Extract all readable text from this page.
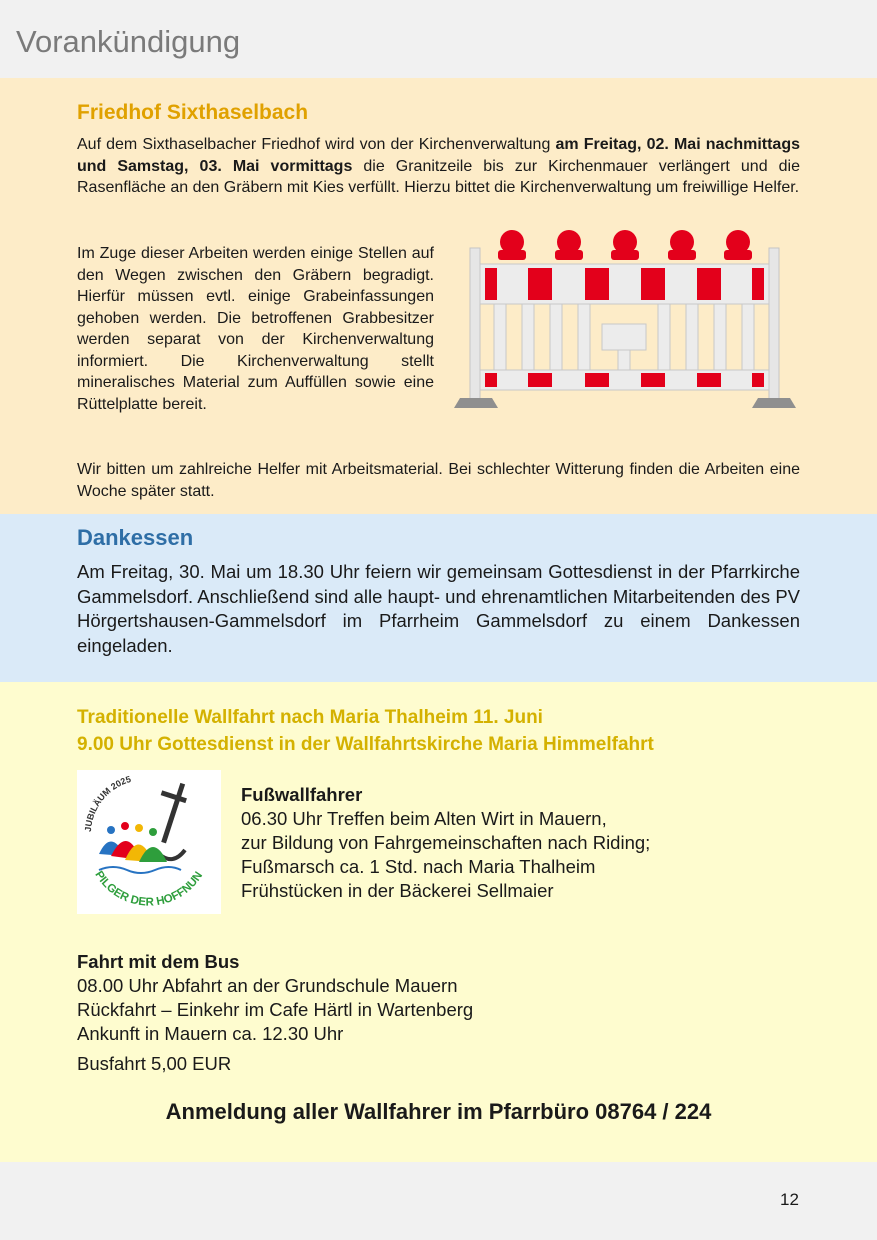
Vorankündigung
Friedhof Sixthaselbach

Auf dem Sixthaselbacher Friedhof wird von der Kirchenverwaltung am Freitag, 02. Mai nachmittags und Samstag, 03. Mai vormittags die Granitzeile bis zur Kirchenmauer verlängert und die Rasenfläche an den Gräbern mit Kies verfüllt. Hierzu bittet die Kirchenverwaltung um freiwillige Helfer.

Im Zuge dieser Arbeiten werden einige Stellen auf den Wegen zwischen den Gräbern begradigt. Hierfür müssen evtl. einige Grabeinfassungen gehoben werden. Die betroffenen Grabbesitzer werden separat von der Kirchenverwaltung informiert. Die Kirchenverwaltung stellt mineralisches Material zum Auffüllen sowie eine Rüttelplatte bereit.

Wir bitten um zahlreiche Helfer mit Arbeitsmaterial. Bei schlechter Witterung finden die Arbeiten eine Woche später statt.

Dankessen

Am Freitag, 30. Mai um 18.30 Uhr feiern wir gemeinsam Gottesdienst in der Pfarrkirche Gammelsdorf. Anschließend sind alle haupt- und ehrenamtlichen Mitarbeitenden des PV Hörgertshausen-Gammelsdorf im Pfarrheim Gammelsdorf zu einem Dankessen eingeladen.

Traditionelle Wallfahrt nach Maria Thalheim 11. Juni
9.00 Uhr Gottesdienst in der Wallfahrtskirche Maria Himmelfahrt
JUBILÄUM 2025
PILGER DER HOFFNUN
Fußwallfahrer
06.30 Uhr Treffen beim Alten Wirt in Mauern,
zur Bildung von Fahrgemeinschaften nach Riding;
Fußmarsch ca. 1 Std. nach Maria Thalheim
Frühstücken in der Bäckerei Sellmaier
Fahrt mit dem Bus
08.00 Uhr Abfahrt an der Grundschule Mauern
Rückfahrt – Einkehr im Cafe Härtl in Wartenberg
Ankunft in Mauern ca. 12.30 Uhr
Busfahrt 5,00 EUR
Anmeldung aller Wallfahrer im Pfarrbüro 08764 / 224
12
